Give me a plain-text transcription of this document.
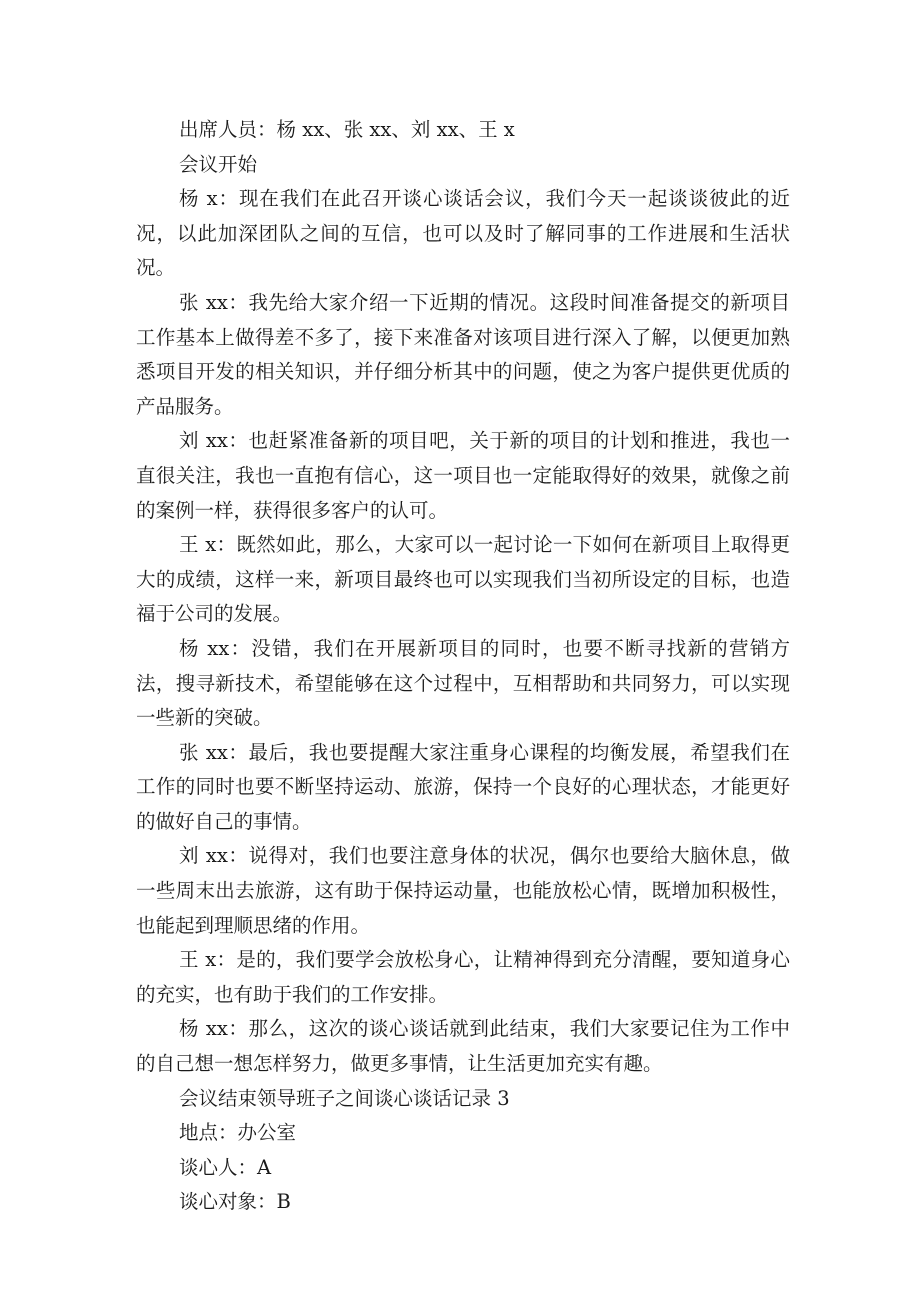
出席人员：杨 xx、张 xx、刘 xx、王 x

会议开始

杨 x：现在我们在此召开谈心谈话会议，我们今天一起谈谈彼此的近况，以此加深团队之间的互信，也可以及时了解同事的工作进展和生活状况。

张 xx：我先给大家介绍一下近期的情况。这段时间准备提交的新项目工作基本上做得差不多了，接下来准备对该项目进行深入了解，以便更加熟悉项目开发的相关知识，并仔细分析其中的问题，使之为客户提供更优质的产品服务。

刘 xx：也赶紧准备新的项目吧，关于新的项目的计划和推进，我也一直很关注，我也一直抱有信心，这一项目也一定能取得好的效果，就像之前的案例一样，获得很多客户的认可。

王 x：既然如此，那么，大家可以一起讨论一下如何在新项目上取得更大的成绩，这样一来，新项目最终也可以实现我们当初所设定的目标，也造福于公司的发展。

杨 xx：没错，我们在开展新项目的同时，也要不断寻找新的营销方法，搜寻新技术，希望能够在这个过程中，互相帮助和共同努力，可以实现一些新的突破。

张 xx：最后，我也要提醒大家注重身心课程的均衡发展，希望我们在工作的同时也要不断坚持运动、旅游，保持一个良好的心理状态，才能更好的做好自己的事情。

刘 xx：说得对，我们也要注意身体的状况，偶尔也要给大脑休息，做一些周末出去旅游，这有助于保持运动量，也能放松心情，既增加积极性，也能起到理顺思绪的作用。

王 x：是的，我们要学会放松身心，让精神得到充分清醒，要知道身心的充实，也有助于我们的工作安排。

杨 xx：那么，这次的谈心谈话就到此结束，我们大家要记住为工作中的自己想一想怎样努力，做更多事情，让生活更加充实有趣。

会议结束领导班子之间谈心谈话记录 3

地点：办公室

谈心人：A

谈心对象：B
